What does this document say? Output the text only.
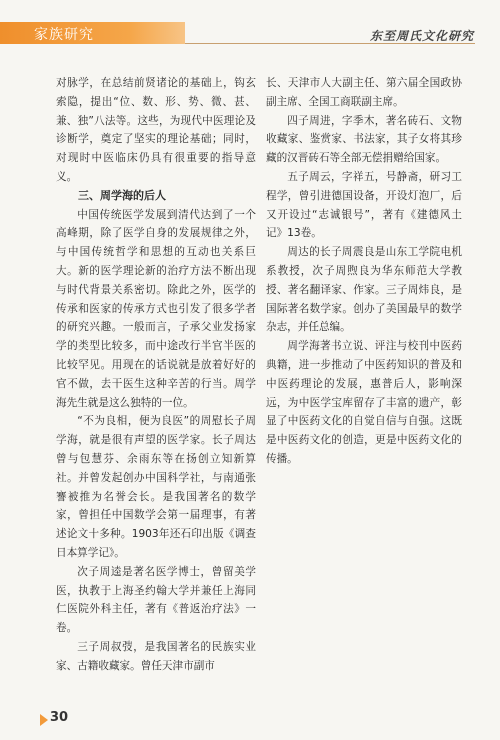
家族研究	东至周氏文化研究

对脉学，在总结前贤诸论的基础上，钩玄索隐，提出“位、数、形、势、微、甚、兼、独”八法等。这些，为现代中医理论及诊断学，奠定了坚实的理论基础；同时，对现时中医临床仍具有很重要的指导意义。

三、周学海的后人

中国传统医学发展到清代达到了一个高峰期，除了医学自身的发展规律之外，与中国传统哲学和思想的互动也关系巨大。新的医学理论新的治疗方法不断出现与时代背景关系密切。除此之外，医学的传承和医家的传承方式也引发了很多学者的研究兴趣。一般而言，子承父业发扬家学的类型比较多，而中途改行半官半医的比较罕见。用现在的话说就是放着好好的官不做，去干医生这种辛苦的行当。周学海先生就是这么独特的一位。

“不为良相，便为良医”的周慰长子周学海，就是很有声望的医学家。长子周达曾与包慧芬、余雨东等在扬创立知新算社。并曾发起创办中国科学社，与南通张謇被推为名誉会长。是我国著名的数学家，曾担任中国数学会第一届理事，有著述论文十多种。1903年还石印出版《调查日本算学记》。

次子周逵是著名医学博士，曾留美学医，执教于上海圣约翰大学并兼任上海同仁医院外科主任，著有《普返治疗法》一卷。

三子周叔弢，是我国著名的民族实业家、古籍收藏家。曾任天津市副市

长、天津市人大副主任、第六届全国政协副主席、全国工商联副主席。

四子周进，字季木，著名砖石、文物收藏家、鉴赏家、书法家，其子女将其珍藏的汉晋砖石等全部无偿捐赠给国家。

五子周云，字祥五，号静斋，研习工程学，曾引进德国设备，开设灯泡厂，后又开设过“志诚银号”，著有《建德风土记》13卷。

周达的长子周震良是山东工学院电机系教授，次子周煦良为华东师范大学教授、著名翻译家、作家。三子周炜良，是国际著名数学家。创办了美国最早的数学杂志，并任总编。

周学海著书立说、评注与校刊中医药典籍，进一步推动了中医药知识的普及和中医药理论的发展，惠普后人，影响深远，为中医学宝库留存了丰富的遗产，彰显了中医药文化的自觉自信与自强。这既是中医药文化的创造，更是中医药文化的传播。

30
